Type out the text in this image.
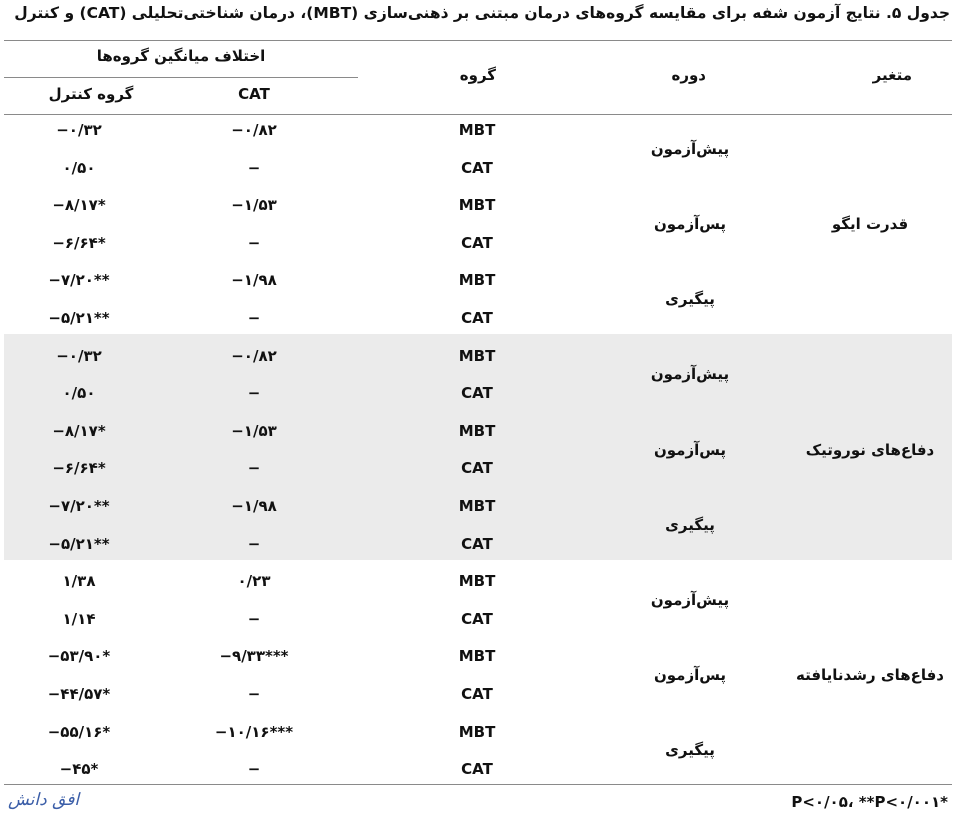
جدول ۵. نتایج آزمون شفه برای مقایسه گروه‌های درمان مبتنی بر ذهنی‌سازی (MBT)، درمان شناختی‌تحلیلی (CAT) و کنترل
متغیر
دوره
گروه
اختلاف میانگین گروه‌ها
CAT
گروه کنترل
MBT
−۰/۸۲
−۰/۳۲
CAT
−
۰/۵۰
پیش‌آزمون
MBT
−۱/۵۳
−۸/۱۷*
CAT
−
−۶/۶۴*
پس‌آزمون
MBT
−۱/۹۸
−۷/۲۰**
CAT
−
−۵/۲۱**
پیگیری
قدرت ایگو
MBT
−۰/۸۲
−۰/۳۲
CAT
−
۰/۵۰
پیش‌آزمون
MBT
−۱/۵۳
−۸/۱۷*
CAT
−
−۶/۶۴*
پس‌آزمون
MBT
−۱/۹۸
−۷/۲۰**
CAT
−
−۵/۲۱**
پیگیری
دفاع‌های نوروتیک
MBT
۰/۲۳
۱/۳۸
CAT
−
۱/۱۴
پیش‌آزمون
MBT
−۹/۳۳***
−۵۳/۹۰*
CAT
−
−۴۴/۵۷*
پس‌آزمون
MBT
−۱۰/۱۶***
−۵۵/۱۶*
CAT
−
−۴۵*
پیگیری
دفاع‌های رشدنایافته
افق دانش	*P<۰/۰۵، **P<۰/۰۰۱
